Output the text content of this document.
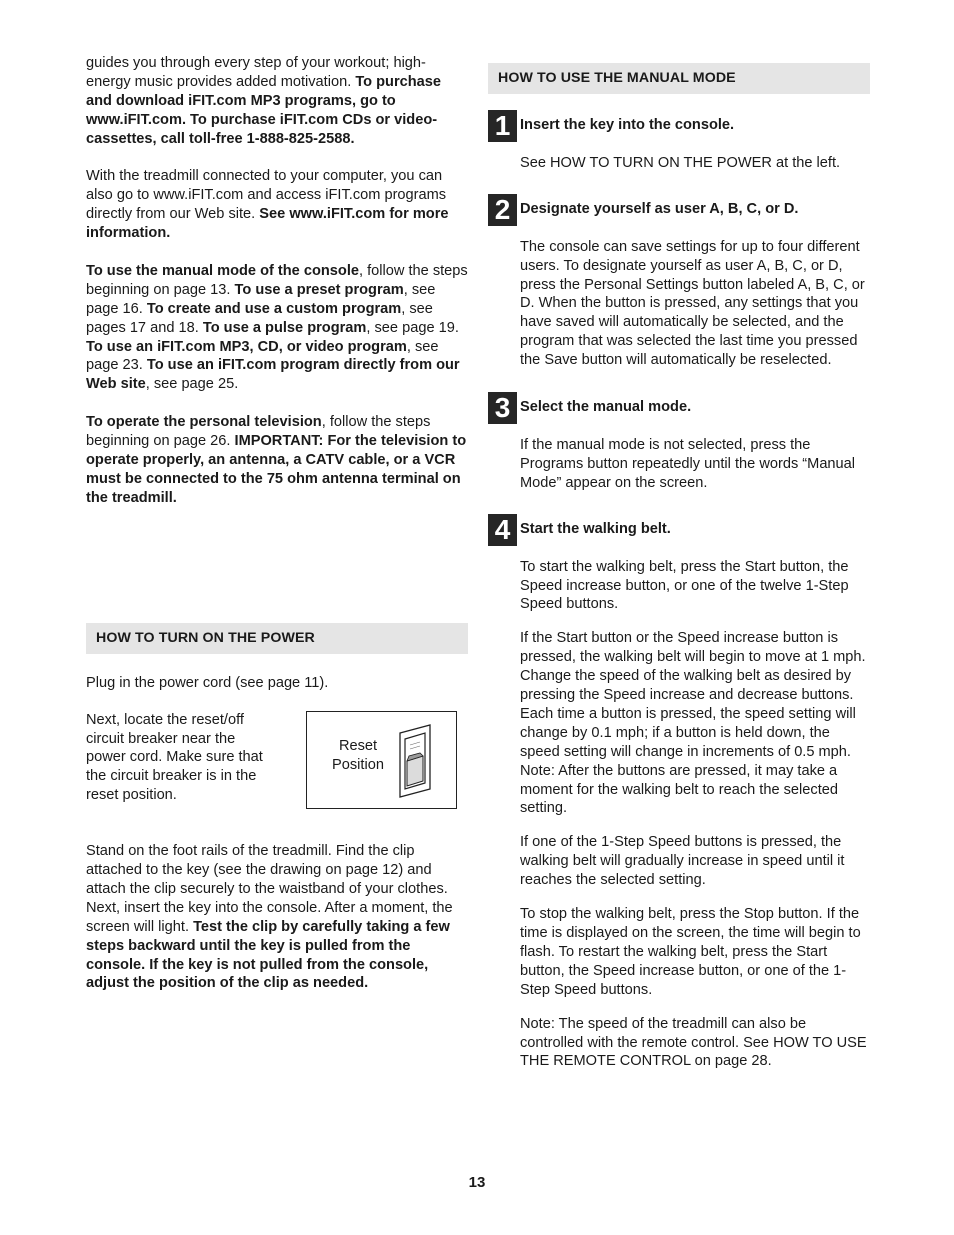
guides you through every step of your workout; high-energy music provides added motivation. To purchase and download iFIT.com MP3 programs, go to www.iFIT.com. To purchase iFIT.com CDs or video-cassettes, call toll-free 1-888-825-2588.

With the treadmill connected to your computer, you can also go to www.iFIT.com and access iFIT.com programs directly from our Web site. See www.iFIT.com for more information.

To use the manual mode of the console, follow the steps beginning on page 13. To use a preset program, see page 16. To create and use a custom program, see pages 17 and 18. To use a pulse program, see page 19. To use an iFIT.com MP3, CD, or video program, see page 23. To use an iFIT.com program directly from our Web site, see page 25.

To operate the personal television, follow the steps beginning on page 26. IMPORTANT: For the television to operate properly, an antenna, a CATV cable, or a VCR must be connected to the 75 ohm antenna terminal on the treadmill.

HOW TO TURN ON THE POWER

Plug in the power cord (see page 11).

Next, locate the reset/off circuit breaker near the power cord. Make sure that the circuit breaker is in the reset position.

Reset Position

Stand on the foot rails of the treadmill. Find the clip attached to the key (see the drawing on page 12) and attach the clip securely to the waistband of your clothes. Next, insert the key into the console. After a moment, the screen will light. Test the clip by carefully taking a few steps backward until the key is pulled from the console. If the key is not pulled from the console, adjust the position of the clip as needed.

HOW TO USE THE MANUAL MODE
1 Insert the key into the console.

See HOW TO TURN ON THE POWER at the left.

2 Designate yourself as user A, B, C, or D.

The console can save settings for up to four different users. To designate yourself as user A, B, C, or D, press the Personal Settings button labeled A, B, C, or D. When the button is pressed, any settings that you have saved will automatically be selected, and the program that was selected the last time you pressed the Save button will automatically be reselected.

3 Select the manual mode.

If the manual mode is not selected, press the Programs button repeatedly until the words “Manual Mode” appear on the screen.

4 Start the walking belt.

To start the walking belt, press the Start button, the Speed increase button, or one of the twelve 1-Step Speed buttons.

If the Start button or the Speed increase button is pressed, the walking belt will begin to move at 1 mph. Change the speed of the walking belt as desired by pressing the Speed increase and decrease buttons. Each time a button is pressed, the speed setting will change by 0.1 mph; if a button is held down, the speed setting will change in increments of 0.5 mph. Note: After the buttons are pressed, it may take a moment for the walking belt to reach the selected setting.

If one of the 1-Step Speed buttons is pressed, the walking belt will gradually increase in speed until it reaches the selected setting.

To stop the walking belt, press the Stop button. If the time is displayed on the screen, the time will begin to flash. To restart the walking belt, press the Start button, the Speed increase button, or one of the 1-Step Speed buttons.

Note: The speed of the treadmill can also be controlled with the remote control. See HOW TO USE THE REMOTE CONTROL on page 28.

13
